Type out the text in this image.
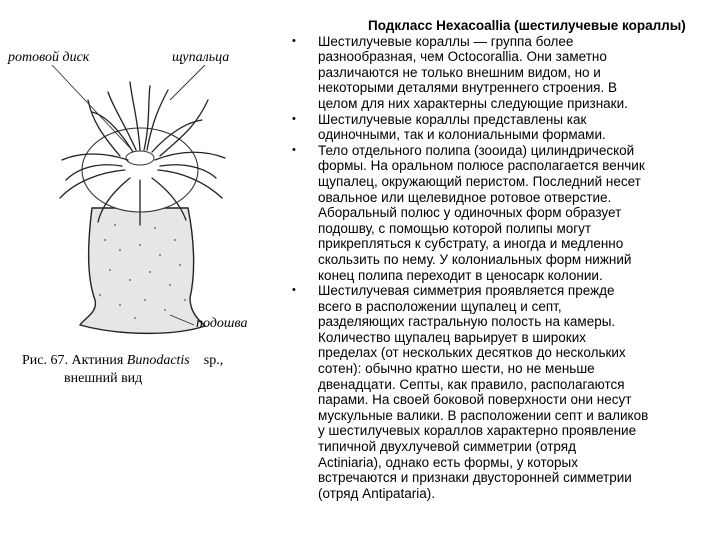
ротовой диск	щупальца
подошва
Рис. 67. Актиния Bunodactis sp.,
внешний вид

Подкласс Hexacoallia (шестилучевые кораллы)

• Шестилучевые кораллы — группа более
разнообразная, чем Octocorallia. Они заметно
различаются не только внешним видом, но и
некоторыми деталями внутреннего строения. В
целом для них характерны следующие признаки.
• Шестилучевые кораллы представлены как
одиночными, так и колониальными формами.
• Тело отдельного полипа (зооида) цилиндрической
формы. На оральном полюсе располагается венчик
щупалец, окружающий перистом. Последний несет
овальное или щелевидное ротовое отверстие.
Аборальный полюс у одиночных форм образует
подошву, с помощью которой полипы могут
прикрепляться к субстрату, а иногда и медленно
скользить по нему. У колониальных форм нижний
конец полипа переходит в ценосарк колонии.
• Шестилучевая симметрия проявляется прежде
всего в расположении щупалец и септ,
разделяющих гастральную полость на камеры.
Количество щупалец варьирует в широких
пределах (от нескольких десятков до нескольких
сотен): обычно кратно шести, но не меньше
двенадцати. Септы, как правило, располагаются
парами. На своей боковой поверхности они несут
мускульные валики. В расположении септ и валиков
у шестилучевых кораллов характерно проявление
типичной двухлучевой симметрии (отряд
Actiniaria), однако есть формы, у которых
встречаются и признаки двусторонней симметрии
(отряд Antipataria).
